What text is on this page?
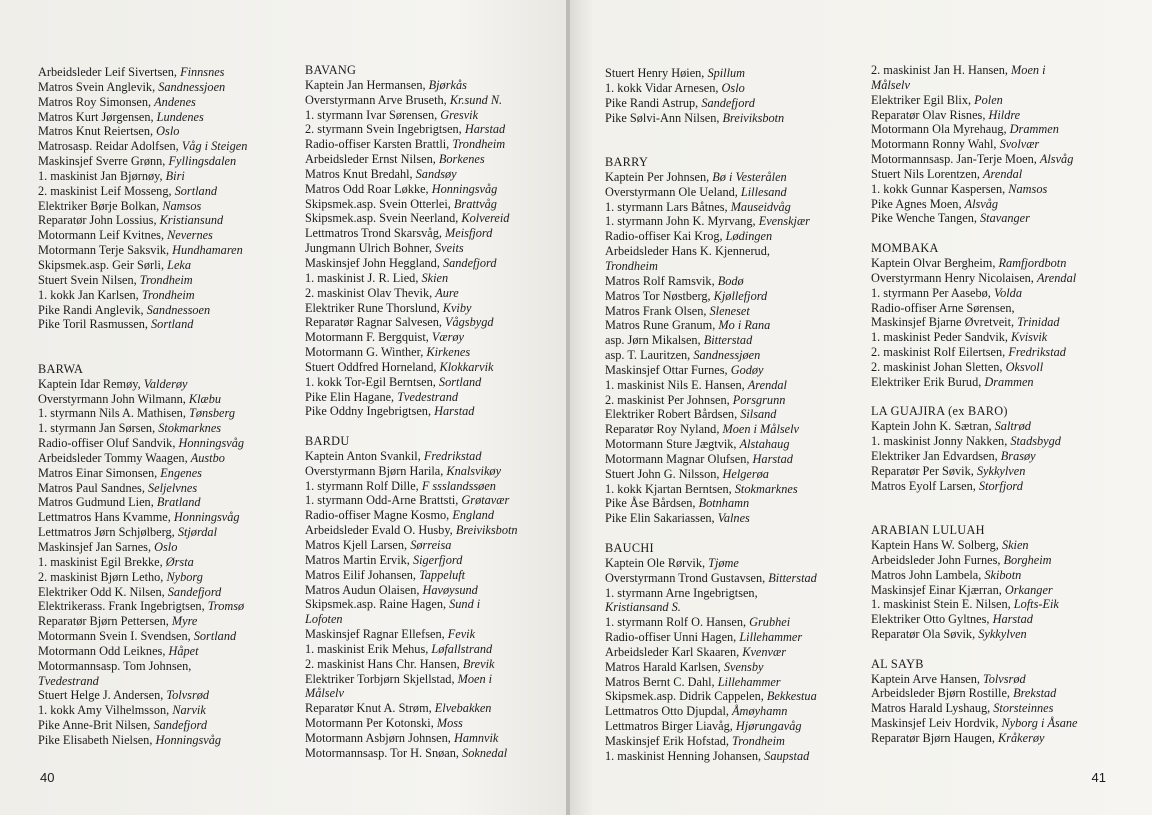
Arbeidsleder Leif Sivertsen, Finnsnes
Matros Svein Anglevik, Sandnessjoen
Matros Roy Simonsen, Andenes
Matros Kurt Jørgensen, Lundenes
Matros Knut Reiertsen, Oslo
Matrosasp. Reidar Adolfsen, Våg i Steigen
Maskinsjef Sverre Grønn, Fyllingsdalen
1. maskinist Jan Bjørnøy, Biri
2. maskinist Leif Mosseng, Sortland
Elektriker Børje Bolkan, Namsos
Reparatør John Lossius, Kristiansund
Motormann Leif Kvitnes, Nevernes
Motormann Terje Saksvik, Hundhamaren
Skipsmek.asp. Geir Sørli, Leka
Stuert Svein Nilsen, Trondheim
1. kokk Jan Karlsen, Trondheim
Pike Randi Anglevik, Sandnessoen
Pike Toril Rasmussen, Sortland
BARWA
Kaptein Idar Remøy, Valderøy
Overstyrmann John Wilmann, Klæbu
1. styrmann Nils A. Mathisen, Tønsberg
1. styrmann Jan Sørsen, Stokmarknes
Radio-offiser Oluf Sandvik, Honningsvåg
Arbeidsleder Tommy Waagen, Austbo
Matros Einar Simonsen, Engenes
Matros Paul Sandnes, Seljelvnes
Matros Gudmund Lien, Bratland
Lettmatros Hans Kvamme, Honningsvåg
Lettmatros Jørn Schjølberg, Stjørdal
Maskinsjef Jan Sarnes, Oslo
1. maskinist Egil Brekke, Ørsta
2. maskinist Bjørn Letho, Nyborg
Elektriker Odd K. Nilsen, Sandefjord
Elektrikerass. Frank Ingebrigtsen, Tromsø
Reparatør Bjørn Pettersen, Myre
Motormann Svein I. Svendsen, Sortland
Motormann Odd Leiknes, Håpet
Motormannsasp. Tom Johnsen,
Tvedestrand
Stuert Helge J. Andersen, Tolvsrød
1. kokk Amy Vilhelmsson, Narvik
Pike Anne-Brit Nilsen, Sandefjord
Pike Elisabeth Nielsen, Honningsvåg
BAVANG
Kaptein Jan Hermansen, Bjørkås
Overstyrmann Arve Bruseth, Kr.sund N.
1. styrmann Ivar Sørensen, Gresvik
2. styrmann Svein Ingebrigtsen, Harstad
Radio-offiser Karsten Brattli, Trondheim
Arbeidsleder Ernst Nilsen, Borkenes
Matros Knut Bredahl, Sandsøy
Matros Odd Roar Løkke, Honningsvåg
Skipsmek.asp. Svein Otterlei, Brattvåg
Skipsmek.asp. Svein Neerland, Kolvereid
Lettmatros Trond Skarsvåg, Meisfjord
Jungmann Ulrich Bohner, Sveits
Maskinsjef John Heggland, Sandefjord
1. maskinist J. R. Lied, Skien
2. maskinist Olav Thevik, Aure
Elektriker Rune Thorslund, Kviby
Reparatør Ragnar Salvesen, Vågsbygd
Motormann F. Bergquist, Værøy
Motormann G. Winther, Kirkenes
Stuert Oddfred Horneland, Klokkarvik
1. kokk Tor-Egil Berntsen, Sortland
Pike Elin Hagane, Tvedestrand
Pike Oddny Ingebrigtsen, Harstad
BARDU
Kaptein Anton Svankil, Fredrikstad
Overstyrmann Bjørn Harila, Knalsvikøy
1. styrmann Rolf Dille, F ssslandssøen
1. styrmann Odd-Arne Brattsti, Grøtavær
Radio-offiser Magne Kosmo, England
Arbeidsleder Evald O. Husby, Breiviksbotn
Matros Kjell Larsen, Sørreisa
Matros Martin Ervik, Sigerfjord
Matros Eilif Johansen, Tappeluft
Matros Audun Olaisen, Havøysund
Skipsmek.asp. Raine Hagen, Sund i
Lofoten
Maskinsjef Ragnar Ellefsen, Fevik
1. maskinist Erik Mehus, Løfallstrand
2. maskinist Hans Chr. Hansen, Brevik
Elektriker Torbjørn Skjellstad, Moen i
Målselv
Reparatør Knut A. Strøm, Elvebakken
Motormann Per Kotonski, Moss
Motormann Asbjørn Johnsen, Hamnvik
Motormannsasp. Tor H. Snøan, Soknedal
40
Stuert Henry Høien, Spillum
1. kokk Vidar Arnesen, Oslo
Pike Randi Astrup, Sandefjord
Pike Sølvi-Ann Nilsen, Breiviksbotn
BARRY
Kaptein Per Johnsen, Bø i Vesterålen
Overstyrmann Ole Ueland, Lillesand
1. styrmann Lars Båtnes, Mauseidvåg
1. styrmann John K. Myrvang, Evenskjær
Radio-offiser Kai Krog, Lødingen
Arbeidsleder Hans K. Kjennerud,
Trondheim
Matros Rolf Ramsvik, Bodø
Matros Tor Nøstberg, Kjøllefjord
Matros Frank Olsen, Sleneset
Matros Rune Granum, Mo i Rana
asp. Jørn Mikalsen, Bitterstad
asp. T. Lauritzen, Sandnessjøen
Maskinsjef Ottar Furnes, Godøy
1. maskinist Nils E. Hansen, Arendal
2. maskinist Per Johnsen, Porsgrunn
Elektriker Robert Bårdsen, Silsand
Reparatør Roy Nyland, Moen i Målselv
Motormann Sture Jægtvik, Alstahaug
Motormann Magnar Olufsen, Harstad
Stuert John G. Nilsson, Helgerøa
1. kokk Kjartan Berntsen, Stokmarknes
Pike Åse Bårdsen, Botnhamn
Pike Elin Sakariassen, Valnes
BAUCHI
Kaptein Ole Rørvik, Tjøme
Overstyrmann Trond Gustavsen, Bitterstad
1. styrmann Arne Ingebrigtsen,
Kristiansand S.
1. styrmann Rolf O. Hansen, Grubhei
Radio-offiser Unni Hagen, Lillehammer
Arbeidsleder Karl Skaaren, Kvenvær
Matros Harald Karlsen, Svensby
Matros Bernt C. Dahl, Lillehammer
Skipsmek.asp. Didrik Cappelen, Bekkestua
Lettmatros Otto Djupdal, Åmøyhamn
Lettmatros Birger Liavåg, Hjørungavåg
Maskinsjef Erik Hofstad, Trondheim
1. maskinist Henning Johansen, Saupstad
2. maskinist Jan H. Hansen, Moen i
Målselv
Elektriker Egil Blix, Polen
Reparatør Olav Risnes, Hildre
Motormann Ola Myrehaug, Drammen
Motormann Ronny Wahl, Svolvær
Motormannsasp. Jan-Terje Moen, Alsvåg
Stuert Nils Lorentzen, Arendal
1. kokk Gunnar Kaspersen, Namsos
Pike Agnes Moen, Alsvåg
Pike Wenche Tangen, Stavanger
MOMBAKA
Kaptein Olvar Bergheim, Ramfjordbotn
Overstyrmann Henry Nicolaisen, Arendal
1. styrmann Per Aasebø, Volda
Radio-offiser Arne Sørensen,
Maskinsjef Bjarne Øvretveit, Trinidad
1. maskinist Peder Sandvik, Kvisvik
2. maskinist Rolf Eilertsen, Fredrikstad
2. maskinist Johan Sletten, Oksvoll
Elektriker Erik Burud, Drammen
LA GUAJIRA (ex BARO)
Kaptein John K. Sætran, Saltrød
1. maskinist Jonny Nakken, Stadsbygd
Elektriker Jan Edvardsen, Brasøy
Reparatør Per Søvik, Sykkylven
Matros Eyolf Larsen, Storfjord
ARABIAN LULUAH
Kaptein Hans W. Solberg, Skien
Arbeidsleder John Furnes, Borgheim
Matros John Lambela, Skibotn
Maskinsjef Einar Kjærran, Orkanger
1. maskinist Stein E. Nilsen, Lofts-Eik
Elektriker Otto Gyltnes, Harstad
Reparatør Ola Søvik, Sykkylven
AL SAYB
Kaptein Arve Hansen, Tolvsrød
Arbeidsleder Bjørn Rostille, Brekstad
Matros Harald Lyshaug, Storsteinnes
Maskinsjef Leiv Hordvik, Nyborg i Åsane
Reparatør Bjørn Haugen, Kråkerøy
41
